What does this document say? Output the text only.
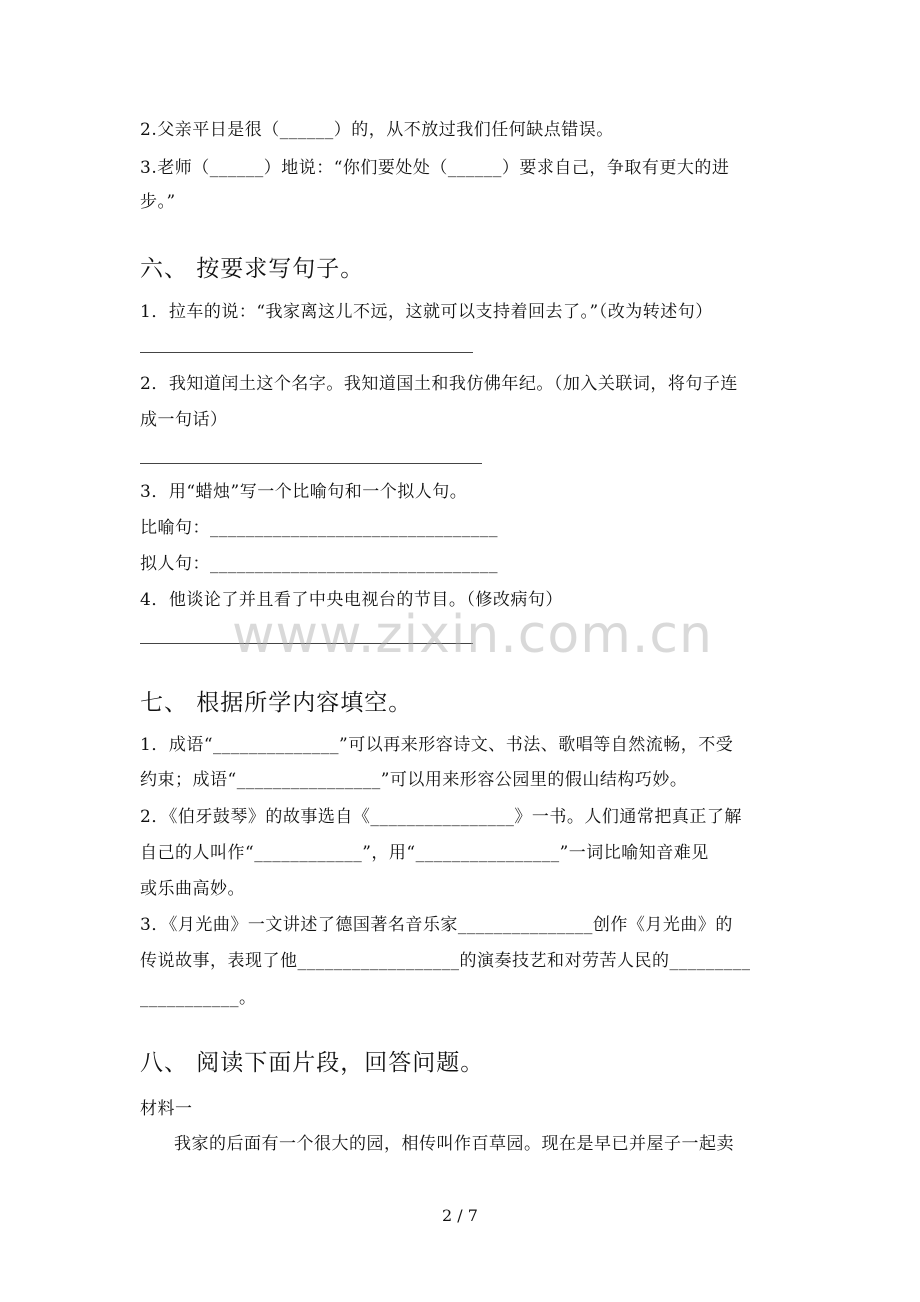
2.父亲平日是很（______）的，从不放过我们任何缺点错误。
3.老师（______）地说：“你们要处处（______）要求自己，争取有更大的进
步。”
六、 按要求写句子。
1．拉车的说：“我家离这儿不远，这就可以支持着回去了。”（改为转述句）
2．我知道闰土这个名字。我知道国土和我仿佛年纪。（加入关联词，将句子连
成一句话）
3．用“蜡烛”写一个比喻句和一个拟人句。
比喻句：________________________________
拟人句：________________________________
4．他谈论了并且看了中央电视台的节目。（修改病句）
七、 根据所学内容填空。
1．成语“______________”可以再来形容诗文、书法、歌唱等自然流畅，不受
约束；成语“________________”可以用来形容公园里的假山结构巧妙。
2．《伯牙鼓琴》的故事选自《________________》一书。人们通常把真正了解
自己的人叫作“____________”，用“________________”一词比喻知音难见
或乐曲高妙。
3．《月光曲》一文讲述了德国著名音乐家_______________创作《月光曲》的
传说故事，表现了他__________________的演奏技艺和对劳苦人民的_________
___________。
八、 阅读下面片段，回答问题。
材料一
我家的后面有一个很大的园，相传叫作百草园。现在是早已并屋子一起卖
2 / 7
www.zixin.com.cn
